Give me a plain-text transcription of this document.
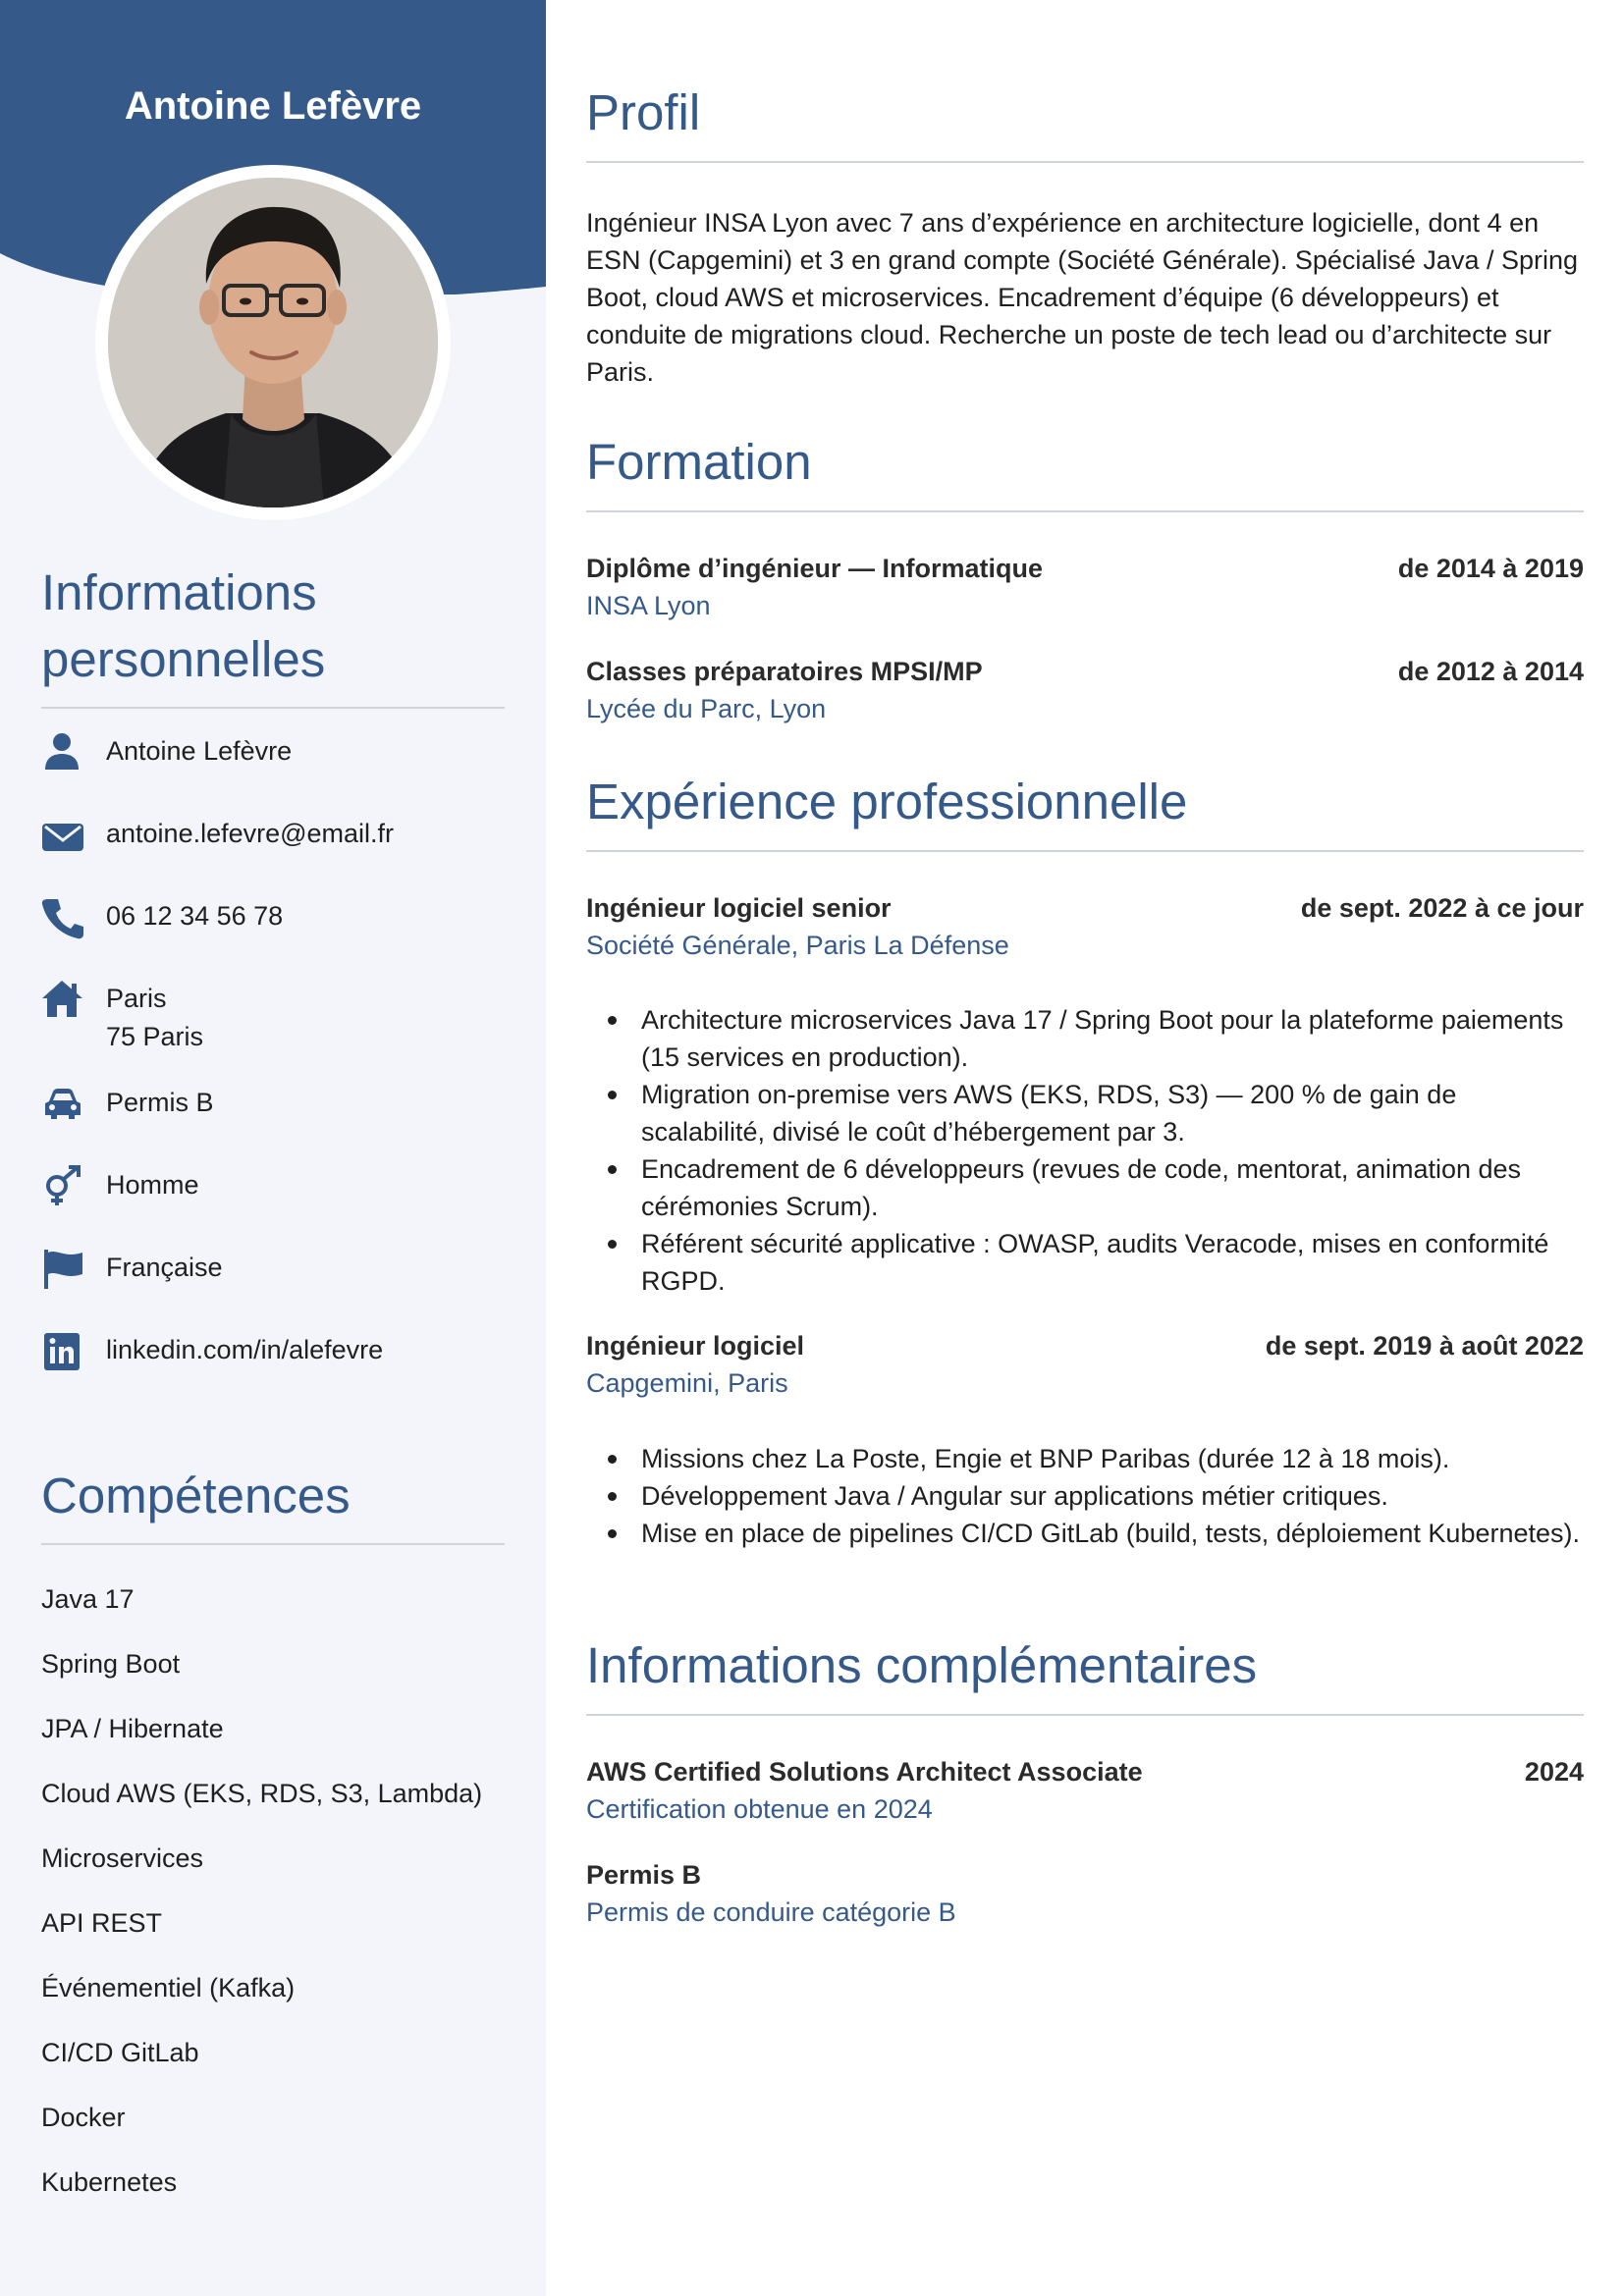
Antoine Lefèvre
Informations personnelles
Antoine Lefèvre
antoine.lefevre@email.fr
06 12 34 56 78
Paris
75 Paris
Permis B
Homme
Française
linkedin.com/in/alefevre
Compétences
Java 17
Spring Boot
JPA / Hibernate
Cloud AWS (EKS, RDS, S3, Lambda)
Microservices
API REST
Événementiel (Kafka)
CI/CD GitLab
Docker
Kubernetes
Profil

Ingénieur INSA Lyon avec 7 ans d’expérience en architecture logicielle, dont 4 en ESN (Capgemini) et 3 en grand compte (Société Générale). Spécialisé Java / Spring Boot, cloud AWS et microservices. Encadrement d’équipe (6 développeurs) et conduite de migrations cloud. Recherche un poste de tech lead ou d’architecte sur Paris.

Formation
Diplôme d’ingénieur — Informatique	de 2014 à 2019
INSA Lyon
Classes préparatoires MPSI/MP	de 2012 à 2014
Lycée du Parc, Lyon
Expérience professionnelle
Ingénieur logiciel senior	de sept. 2022 à ce jour
Société Générale, Paris La Défense
Architecture microservices Java 17 / Spring Boot pour la plateforme paiements (15 services en production).
Migration on-premise vers AWS (EKS, RDS, S3) — 200 % de gain de scalabilité, divisé le coût d’hébergement par 3.
Encadrement de 6 développeurs (revues de code, mentorat, animation des cérémonies Scrum).
Référent sécurité applicative : OWASP, audits Veracode, mises en conformité RGPD.
Ingénieur logiciel	de sept. 2019 à août 2022
Capgemini, Paris
Missions chez La Poste, Engie et BNP Paribas (durée 12 à 18 mois).
Développement Java / Angular sur applications métier critiques.
Mise en place de pipelines CI/CD GitLab (build, tests, déploiement Kubernetes).
Informations complémentaires
AWS Certified Solutions Architect Associate	2024
Certification obtenue en 2024
Permis B
Permis de conduire catégorie B
